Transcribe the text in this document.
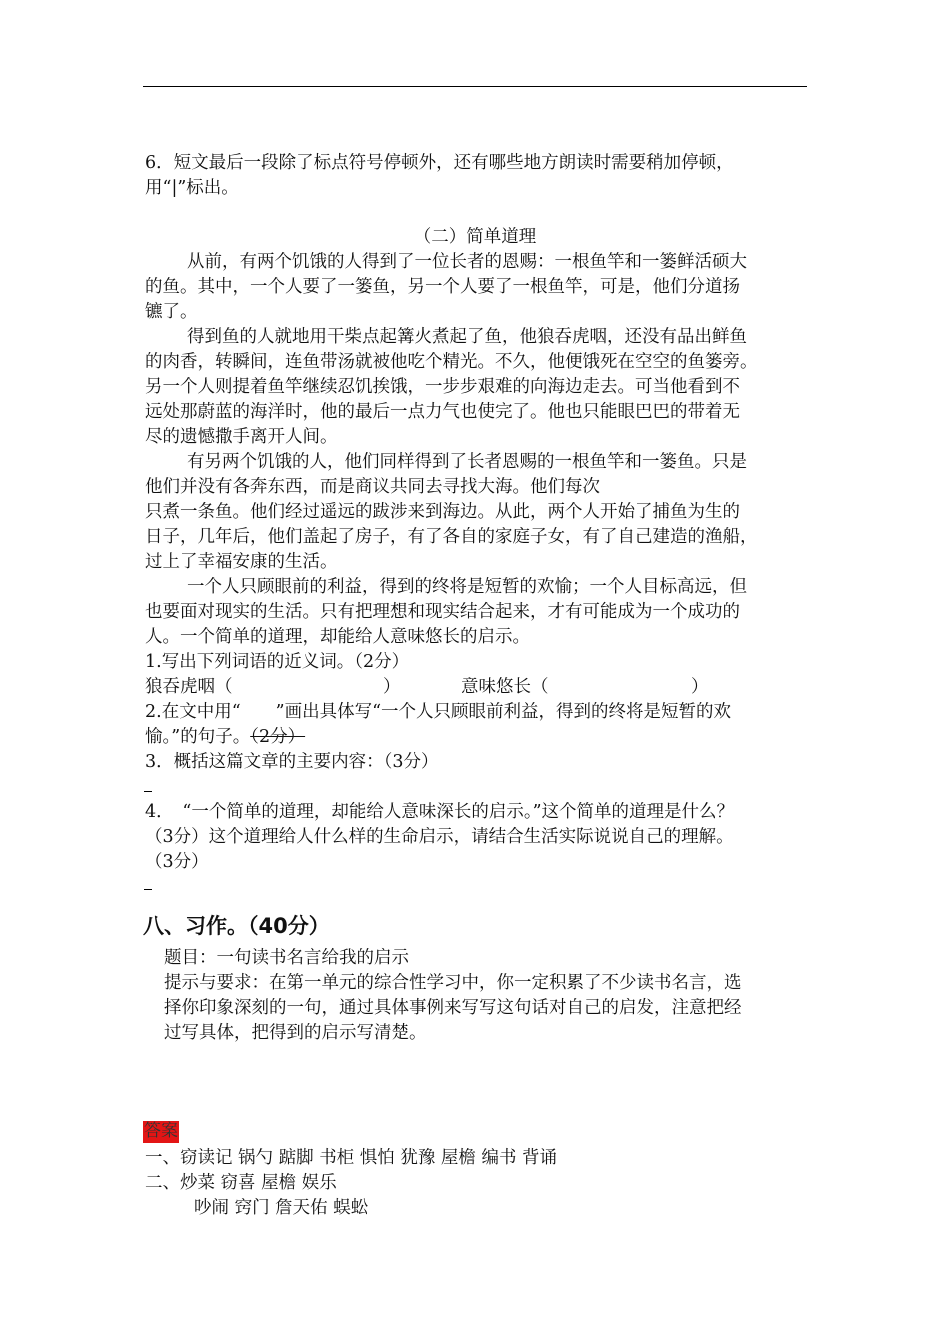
6．短文最后一段除了标点符号停顿外，还有哪些地方朗读时需要稍加停顿，
用“|”标出。
（二）简单道理
从前，有两个饥饿的人得到了一位长者的恩赐：一根鱼竿和一篓鲜活硕大
的鱼。其中，一个人要了一篓鱼，另一个人要了一根鱼竿，可是，他们分道扬
镳了。
得到鱼的人就地用干柴点起篝火煮起了鱼，他狼吞虎咽，还没有品出鲜鱼
的肉香，转瞬间，连鱼带汤就被他吃个精光。不久，他便饿死在空空的鱼篓旁。
另一个人则提着鱼竿继续忍饥挨饿，一步步艰难的向海边走去。可当他看到不
远处那蔚蓝的海洋时，他的最后一点力气也使完了。他也只能眼巴巴的带着无
尽的遗憾撒手离开人间。
有另两个饥饿的人，他们同样得到了长者恩赐的一根鱼竿和一篓鱼。只是
他们并没有各奔东西，而是商议共同去寻找大海。他们每次
只煮一条鱼。他们经过遥远的跋涉来到海边。从此，两个人开始了捕鱼为生的
日子，几年后，他们盖起了房子，有了各自的家庭子女，有了自己建造的渔船，
过上了幸福安康的生活。
一个人只顾眼前的利益，得到的终将是短暂的欢愉；一个人目标高远，但
也要面对现实的生活。只有把理想和现实结合起来，才有可能成为一个成功的
人。一个简单的道理，却能给人意味悠长的启示。
1.写出下列词语的近义词。（2分）
狼吞虎咽（	）	意味悠长（	）
2.在文中用“　　”画出具体写“一个人只顾眼前利益，得到的终将是短暂的欢
愉。”的句子。（2分）
3．概括这篇文章的主要内容：（3分）
4．　“一个简单的道理，却能给人意味深长的启示。”这个简单的道理是什么？
（3分）这个道理给人什么样的生命启示，请结合生活实际说说自己的理解。
（3分）
八、习作。（40分）
题目：一句读书名言给我的启示
提示与要求：在第一单元的综合性学习中，你一定积累了不少读书名言，选
择你印象深刻的一句，通过具体事例来写写这句话对自己的启发，注意把经
过写具体，把得到的启示写清楚。
答案
一、窃读记 锅勺 踮脚 书柜 惧怕 犹豫 屋檐 编书 背诵
二、炒菜 窃喜 屋檐 娱乐
吵闹 窍门 詹天佑 蜈蚣
